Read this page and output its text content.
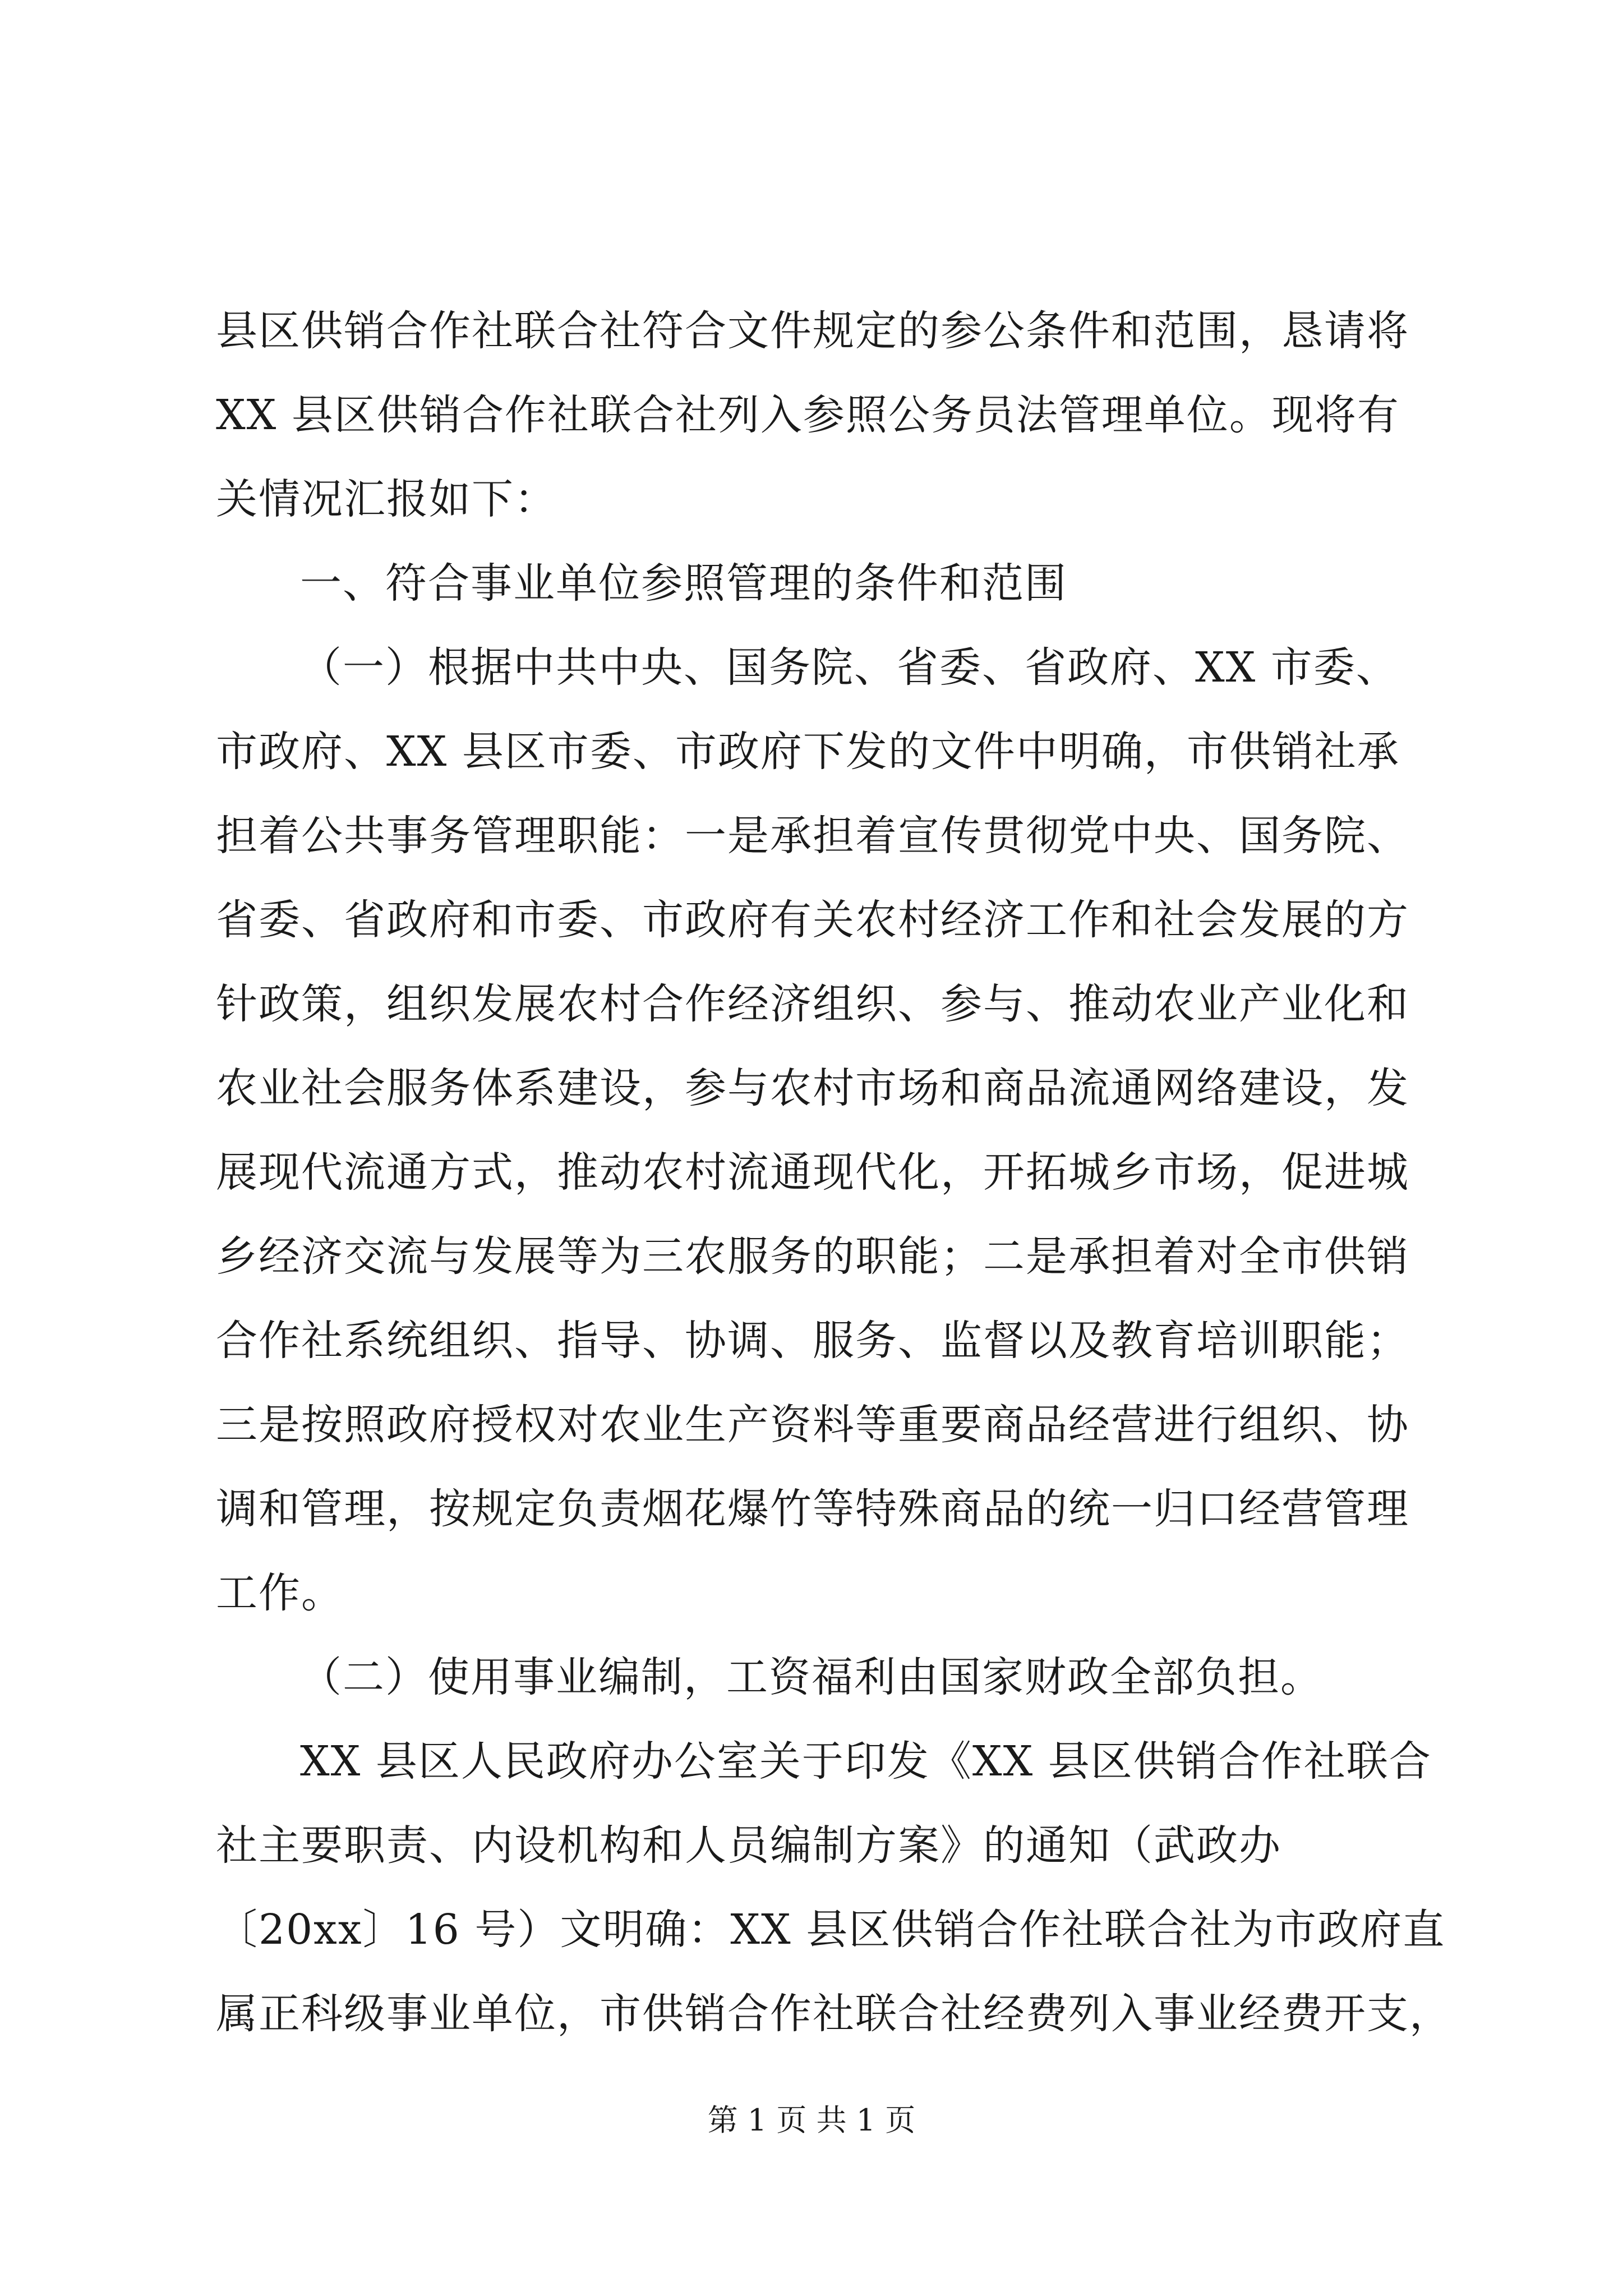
县区供销合作社联合社符合文件规定的参公条件和范围，恳请将
XX 县区供销合作社联合社列入参照公务员法管理单位。现将有
关情况汇报如下：
一、符合事业单位参照管理的条件和范围
（一）根据中共中央、国务院、省委、省政府、XX 市委、
市政府、XX 县区市委、市政府下发的文件中明确，市供销社承
担着公共事务管理职能：一是承担着宣传贯彻党中央、国务院、
省委、省政府和市委、市政府有关农村经济工作和社会发展的方
针政策，组织发展农村合作经济组织、参与、推动农业产业化和
农业社会服务体系建设，参与农村市场和商品流通网络建设，发
展现代流通方式，推动农村流通现代化，开拓城乡市场，促进城
乡经济交流与发展等为三农服务的职能；二是承担着对全市供销
合作社系统组织、指导、协调、服务、监督以及教育培训职能；
三是按照政府授权对农业生产资料等重要商品经营进行组织、协
调和管理，按规定负责烟花爆竹等特殊商品的统一归口经营管理
工作。
（二）使用事业编制，工资福利由国家财政全部负担。
XX 县区人民政府办公室关于印发《XX 县区供销合作社联合
社主要职责、内设机构和人员编制方案》的通知（武政办
〔20xx〕16 号）文明确：XX 县区供销合作社联合社为市政府直
属正科级事业单位，市供销合作社联合社经费列入事业经费开支，
第 1 页 共 1 页
